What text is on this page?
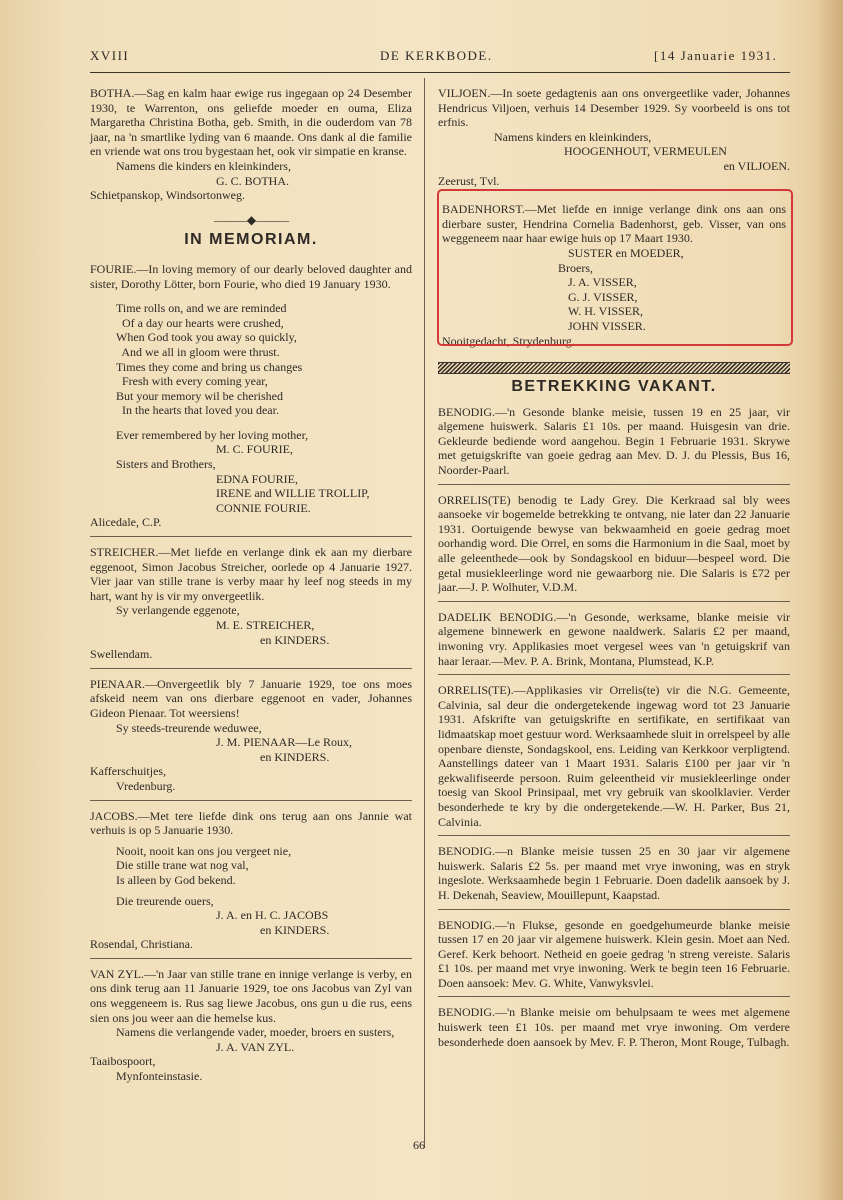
XVIII	DE KERKBODE.	[14 Januarie 1931.

BOTHA.—Sag en kalm haar ewige rus ingegaan op 24 Desember 1930, te Warrenton, ons geliefde moeder en ouma, Eliza Margaretha Christina Botha, geb. Smith, in die ouderdom van 78 jaar, na 'n smartlike lyding van 6 maande. Ons dank al die familie en vriende wat ons trou bygestaan het, ook vir simpatie en kranse.

Namens die kinders en kleinkinders,

G. C. BOTHA.

Schietpanskop, Windsortonweg.

———◆———

IN MEMORIAM.

FOURIE.—In loving memory of our dearly beloved daughter and sister, Dorothy Lötter, born Fourie, who died 19 January 1930.

Time rolls on, and we are reminded

Of a day our hearts were crushed,

When God took you away so quickly,

And we all in gloom were thrust.

Times they come and bring us changes

Fresh with every coming year,

But your memory wil be cherished

In the hearts that loved you dear.

Ever remembered by her loving mother,

M. C. FOURIE,

Sisters and Brothers,

EDNA FOURIE,

IRENE and WILLIE TROLLIP,

CONNIE FOURIE.

Alicedale, C.P.

STREICHER.—Met liefde en verlange dink ek aan my dierbare eggenoot, Simon Jacobus Streicher, oorlede op 4 Januarie 1927. Vier jaar van stille trane is verby maar hy leef nog steeds in my hart, want hy is vir my onvergeetlik.

Sy verlangende eggenote,

M. E. STREICHER,

en KINDERS.

Swellendam.

PIENAAR.—Onvergeetlik bly 7 Januarie 1929, toe ons moes afskeid neem van ons dierbare eggenoot en vader, Johannes Gideon Pienaar. Tot weersiens!

Sy steeds-treurende weduwee,

J. M. PIENAAR—Le Roux,

en KINDERS.

Kafferschuitjes,

Vredenburg.

JACOBS.—Met tere liefde dink ons terug aan ons Jannie wat verhuis is op 5 Januarie 1930.

Nooit, nooit kan ons jou vergeet nie,

Die stille trane wat nog val,

Is alleen by God bekend.

Die treurende ouers,

J. A. en H. C. JACOBS

en KINDERS.

Rosendal, Christiana.

VAN ZYL.—'n Jaar van stille trane en innige verlange is verby, en ons dink terug aan 11 Januarie 1929, toe ons Jacobus van Zyl van ons weggeneem is. Rus sag liewe Jacobus, ons gun u die rus, eens sien ons jou weer aan die hemelse kus.

Namens die verlangende vader, moeder, broers en susters,

J. A. VAN ZYL.

Taaibospoort,

Mynfonteinstasie.

VILJOEN.—In soete gedagtenis aan ons onvergeetlike vader, Johannes Hendricus Viljoen, verhuis 14 Desember 1929. Sy voorbeeld is ons tot erfnis.

Namens kinders en kleinkinders,

HOOGENHOUT, VERMEULEN

en VILJOEN.

Zeerust, Tvl.

BADENHORST.—Met liefde en innige verlange dink ons aan ons dierbare suster, Hendrina Cornelia Badenhorst, geb. Visser, van ons weggeneem naar haar ewige huis op 17 Maart 1930.

SUSTER en MOEDER,

Broers,

J. A. VISSER,

G. J. VISSER,

W. H. VISSER,

JOHN VISSER.

Nooitgedacht, Strydenburg.

BETREKKING VAKANT.

BENODIG.—'n Gesonde blanke meisie, tussen 19 en 25 jaar, vir algemene huiswerk. Salaris £1 10s. per maand. Huisgesin van drie. Gekleurde bediende word aangehou. Begin 1 Februarie 1931. Skrywe met getuigskrifte van goeie gedrag aan Mev. D. J. du Plessis, Bus 16, Noorder-Paarl.

ORRELIS(TE) benodig te Lady Grey. Die Kerkraad sal bly wees aansoeke vir bogemelde betrekking te ontvang, nie later dan 22 Januarie 1931. Oortuigende bewyse van bekwaamheid en goeie gedrag moet oorhandig word. Die Orrel, en soms die Harmonium in die Saal, moet by alle geleenthede—ook by Sondagskool en biduur—bespeel word. Die getal musiekleerlinge word nie gewaarborg nie. Die Salaris is £72 per jaar.—J. P. Wolhuter, V.D.M.

DADELIK BENODIG.—'n Gesonde, werksame, blanke meisie vir algemene binnewerk en gewone naaldwerk. Salaris £2 per maand, inwoning vry. Applikasies moet vergesel wees van 'n getuigskrif van haar leraar.—Mev. P. A. Brink, Montana, Plumstead, K.P.

ORRELIS(TE).—Applikasies vir Orrelis(te) vir die N.G. Gemeente, Calvinia, sal deur die ondergetekende ingewag word tot 23 Januarie 1931. Afskrifte van getuigskrifte en sertifikate, en sertifikaat van lidmaatskap moet gestuur word. Werksaamhede sluit in orrelspeel by alle openbare dienste, Sondagskool, ens. Leiding van Kerkkoor verpligtend. Aanstellings dateer van 1 Maart 1931. Salaris £100 per jaar vir 'n gekwalifiseerde persoon. Ruim geleentheid vir musiekleerlinge onder toesig van Skool Prinsipaal, met vry gebruik van skoolklavier. Verder besonderhede te kry by die ondergetekende.—W. H. Parker, Bus 21, Calvinia.

BENODIG.—n Blanke meisie tussen 25 en 30 jaar vir algemene huiswerk. Salaris £2 5s. per maand met vrye inwoning, was en stryk ingeslote. Werksaamhede begin 1 Februarie. Doen dadelik aansoek by J. H. Dekenah, Seaview, Mouillepunt, Kaapstad.

BENODIG.—'n Flukse, gesonde en goedgehumeurde blanke meisie tussen 17 en 20 jaar vir algemene huiswerk. Klein gesin. Moet aan Ned. Geref. Kerk behoort. Netheid en goeie gedrag 'n streng vereiste. Salaris £1 10s. per maand met vrye inwoning. Werk te begin teen 16 Februarie. Doen aansoek: Mev. G. White, Vanwyksvlei.

BENODIG.—'n Blanke meisie om behulpsaam te wees met algemene huiswerk teen £1 10s. per maand met vrye inwoning. Om verdere besonderhede doen aansoek by Mev. F. P. Theron, Mont Rouge, Tulbagh.

66
